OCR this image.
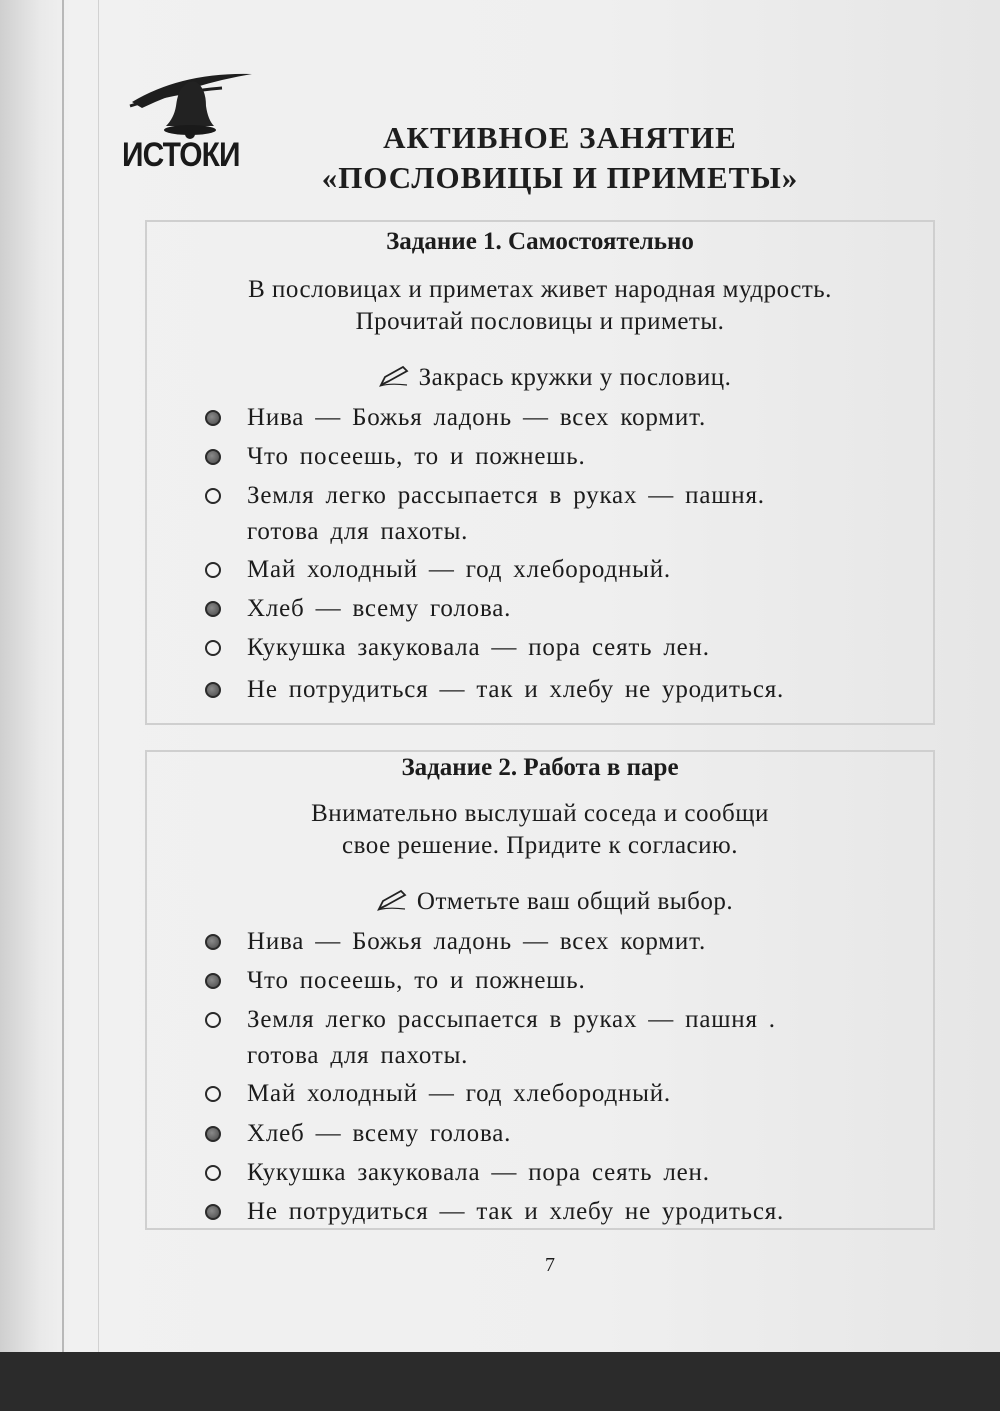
ИСТОКИ	АКТИВНОЕ ЗАНЯТИЕ
«ПОСЛОВИЦЫ И ПРИМЕТЫ»
Задание 1. Самостоятельно
В пословицах и приметах живет народная мудрость.
Прочитай пословицы и приметы.
Закрась кружки у пословиц.
Нива — Божья ладонь — всех кормит.
Что посеешь, то и пожнешь.
Земля легко рассыпается в руках — пашня.
готова для пахоты.
Май холодный — год хлебородный.
Хлеб — всему голова.
Кукушка закуковала — пора сеять лен.
Не потрудиться — так и хлебу не уродиться.
Задание 2. Работа в паре
Внимательно выслушай соседа и сообщи
свое решение. Придите к согласию.
Отметьте ваш общий выбор.
Нива — Божья ладонь — всех кормит.
Что посеешь, то и пожнешь.
Земля легко рассыпается в руках — пашня .
готова для пахоты.
Май холодный — год хлебородный.
Хлеб — всему голова.
Кукушка закуковала — пора сеять лен.
Не потрудиться — так и хлебу не уродиться.
7
